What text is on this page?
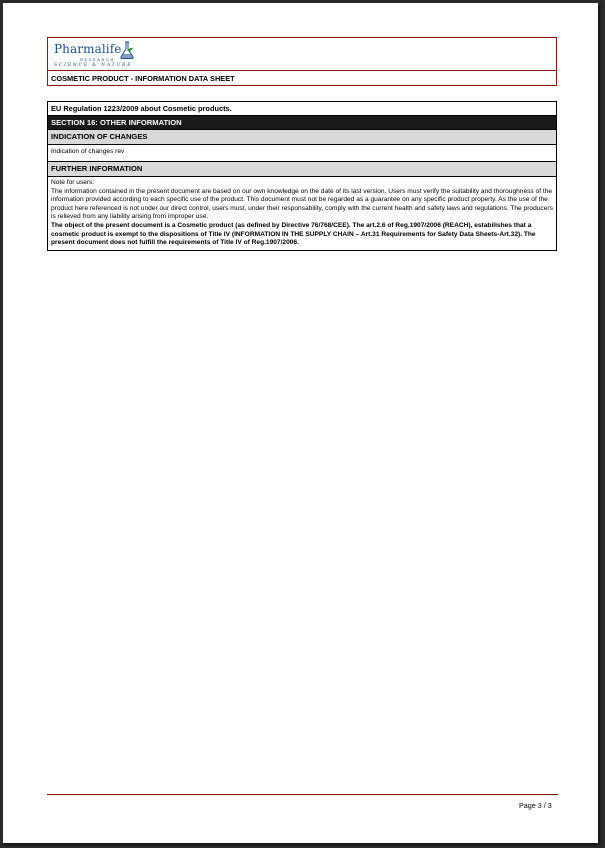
Pharmalife
RESEARCH
SCIENCE & NATURE
COSMETIC PRODUCT - INFORMATION DATA SHEET
EU Regulation 1223/2009 about Cosmetic products.
SECTION 16: OTHER INFORMATION
INDICATION OF CHANGES
Indication of changes rev
FURTHER INFORMATION
Note for users:
The information contained in the present document are based on our own knowledge on the date of its last version. Users must verify the suitability and thoroughness of the information provided according to each specific use of the product. This document must not be regarded as a guarantee on any specific product property. As the use of the product here referenced is not under our direct control, users must, under their responsability, comply with the current health and safety laws and regulations. The producers is relieved from any liability arising from improper use.
The object of the present document is a Cosmetic product (as defined by Directive 76/768/CEE). The art.2.6 of Reg.1907/2006 (REACH), estabilishes that a cosmetic product is exempt to the dispositions of Title IV (INFORMATION IN THE SUPPLY CHAIN – Art.31 Requirements for Safety Data Sheets-Art.32). The present document does not fulfill the requirements of Title IV of Reg.1907/2006.
Page 3 / 3
